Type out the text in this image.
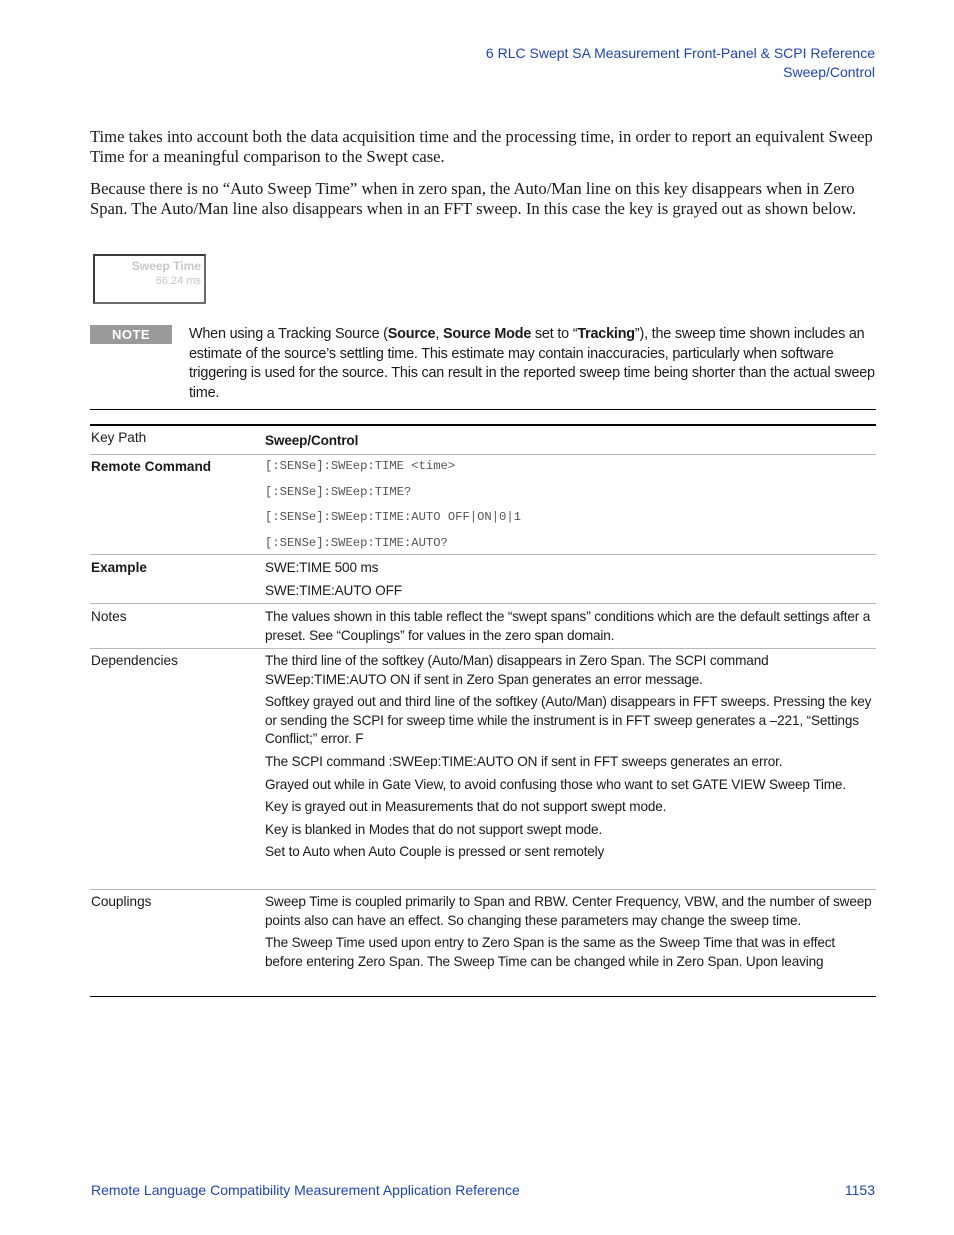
6 RLC Swept SA Measurement Front-Panel & SCPI Reference
Sweep/Control

Time takes into account both the data acquisition time and the processing time, in order to report an equivalent Sweep Time for a meaningful comparison to the Swept case.

Because there is no “Auto Sweep Time” when in zero span, the Auto/Man line on this key disappears when in Zero Span. The Auto/Man line also disappears when in an FFT sweep. In this case the key is grayed out as shown below.

Sweep Time
66.24 ms
NOTE	When using a Tracking Source (Source, Source Mode set to “Tracking”), the sweep time shown includes an estimate of the source’s settling time. This estimate may contain inaccuracies, particularly when software triggering is used for the source. This can result in the reported sweep time being shorter than the actual sweep time.
Key Path	Sweep/Control
Remote Command	[:SENSe]:SWEep:TIME <time>
[:SENSe]:SWEep:TIME?
[:SENSe]:SWEep:TIME:AUTO OFF|ON|0|1
[:SENSe]:SWEep:TIME:AUTO?
Example	SWE:TIME 500 ms
SWE:TIME:AUTO OFF
Notes	The values shown in this table reflect the “swept spans” conditions which are the default settings after a preset. See “Couplings” for values in the zero span domain.
Dependencies	The third line of the softkey (Auto/Man) disappears in Zero Span. The SCPI command SWEep:TIME:AUTO ON if sent in Zero Span generates an error message.
Softkey grayed out and third line of the softkey (Auto/Man) disappears in FFT sweeps. Pressing the key or sending the SCPI for sweep time while the instrument is in FFT sweep generates a –221, “Settings Conflict;” error. F
The SCPI command :SWEep:TIME:AUTO ON if sent in FFT sweeps generates an error.
Grayed out while in Gate View, to avoid confusing those who want to set GATE VIEW Sweep Time.
Key is grayed out in Measurements that do not support swept mode.
Key is blanked in Modes that do not support swept mode.
Set to Auto when Auto Couple is pressed or sent remotely
Couplings	Sweep Time is coupled primarily to Span and RBW. Center Frequency, VBW, and the number of sweep points also can have an effect. So changing these parameters may change the sweep time.
The Sweep Time used upon entry to Zero Span is the same as the Sweep Time that was in effect before entering Zero Span. The Sweep Time can be changed while in Zero Span. Upon leaving
Remote Language Compatibility Measurement Application Reference	1153
